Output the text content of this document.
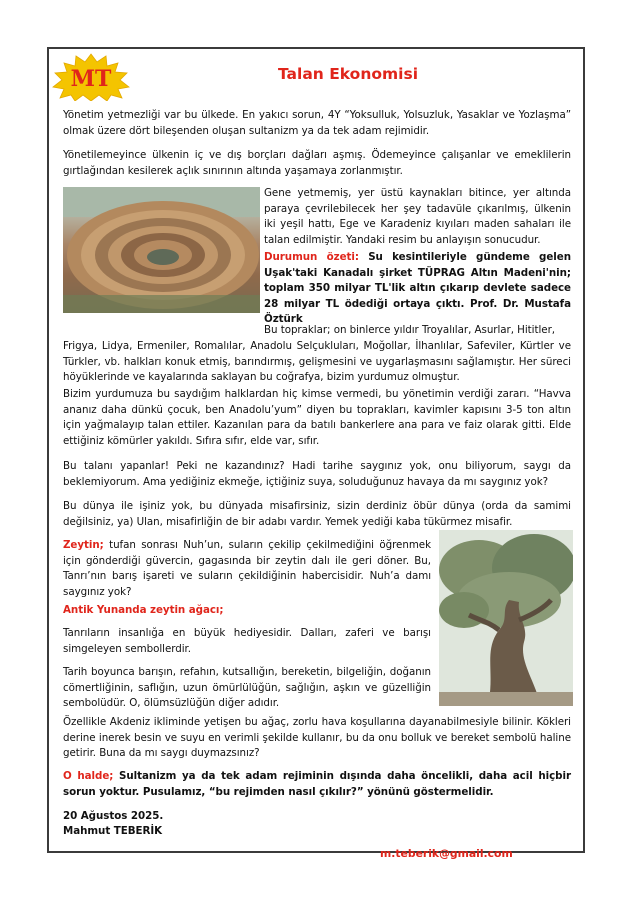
MT	Talan Ekonomisi

Yönetim yetmezliği var bu ülkede. En yakıcı sorun, 4Y “Yoksulluk, Yolsuzluk, Yasaklar ve Yozlaşma” olmak üzere dört bileşenden oluşan sultanizm ya da tek adam rejimidir.

Yönetilemeyince ülkenin iç ve dış borçları dağları aşmış. Ödemeyince çalışanlar ve emeklilerin gırtlağından kesilerek açlık sınırının altında yaşamaya zorlanmıştır.

Gene yetmemiş, yer üstü kaynakları bitince, yer altında paraya çevrilebilecek her şey tadavüle çıkarılmış, ülkenin iki yeşil hattı, Ege ve Karadeniz kıyıları maden sahaları ile talan edilmiştir. Yandaki resim bu anlayışın sonucudur.

Durumun özeti: Su kesintileriyle gündeme gelen Uşak'taki Kanadalı şirket TÜPRAG Altın Madeni'nin; toplam 350 milyar TL'lik altın çıkarıp devlete sadece 28 milyar TL ödediği ortaya çıktı. Prof. Dr. Mustafa Öztürk

Bu topraklar; on binlerce yıldır Troyalılar, Asurlar, Hititler,

Frigya, Lidya, Ermeniler, Romalılar, Anadolu Selçukluları, Moğollar, İlhanlılar, Safeviler, Kürtler ve Türkler, vb. halkları konuk etmiş, barındırmış, gelişmesini ve uygarlaşmasını sağlamıştır. Her süreci höyüklerinde ve kayalarında saklayan bu coğrafya, bizim yurdumuz olmuştur.

Bizim yurdumuza bu saydığım halklardan hiç kimse vermedi, bu yönetimin verdiği zararı. “Havva ananız daha dünkü çocuk, ben Anadolu’yum” diyen bu toprakları, kavimler kapısını 3-5 ton altın için yağmalayıp talan ettiler. Kazanılan para da batılı bankerlere ana para ve faiz olarak gitti. Elde ettiğiniz kömürler yakıldı. Sıfıra sıfır, elde var, sıfır.

Bu talanı yapanlar! Peki ne kazandınız? Hadi tarihe saygınız yok, onu biliyorum, saygı da beklemiyorum. Ama yediğiniz ekmeğe, içtiğiniz suya, soluduğunuz havaya da mı saygınız yok?

Bu dünya ile işiniz yok, bu dünyada misafirsiniz, sizin derdiniz öbür dünya (orda da samimi değilsiniz, ya) Ulan, misafirliğin de bir adabı vardır. Yemek yediği kaba tükürmez misafir.

Zeytin; tufan sonrası Nuh’un, suların çekilip çekilmediğini öğrenmek için gönderdiği güvercin, gagasında bir zeytin dalı ile geri döner. Bu, Tanrı’nın barış işareti ve suların çekildiğinin habercisidir. Nuh’a damı saygınız yok?

Antik Yunanda zeytin ağacı;

Tanrıların insanlığa en büyük hediyesidir. Dalları, zaferi ve barışı simgeleyen sembollerdir.

Tarih boyunca barışın, refahın, kutsallığın, bereketin, bilgeliğin, doğanın cömertliğinin, saflığın, uzun ömürlülüğün, sağlığın, aşkın ve güzelliğin sembolüdür. O, ölümsüzlüğün diğer adıdır.

Özellikle Akdeniz ikliminde yetişen bu ağaç, zorlu hava koşullarına dayanabilmesiyle bilinir. Kökleri derine inerek besin ve suyu en verimli şekilde kullanır, bu da onu bolluk ve bereket sembolü haline getirir. Buna da mı saygı duymazsınız?

O halde; Sultanizm ya da tek adam rejiminin dışında daha öncelikli, daha acil hiçbir sorun yoktur. Pusulamız, “bu rejimden nasıl çıkılır?” yönünü göstermelidir.

20 Ağustos 2025.

Mahmut TEBERİK

m.teberik@gmail.com
